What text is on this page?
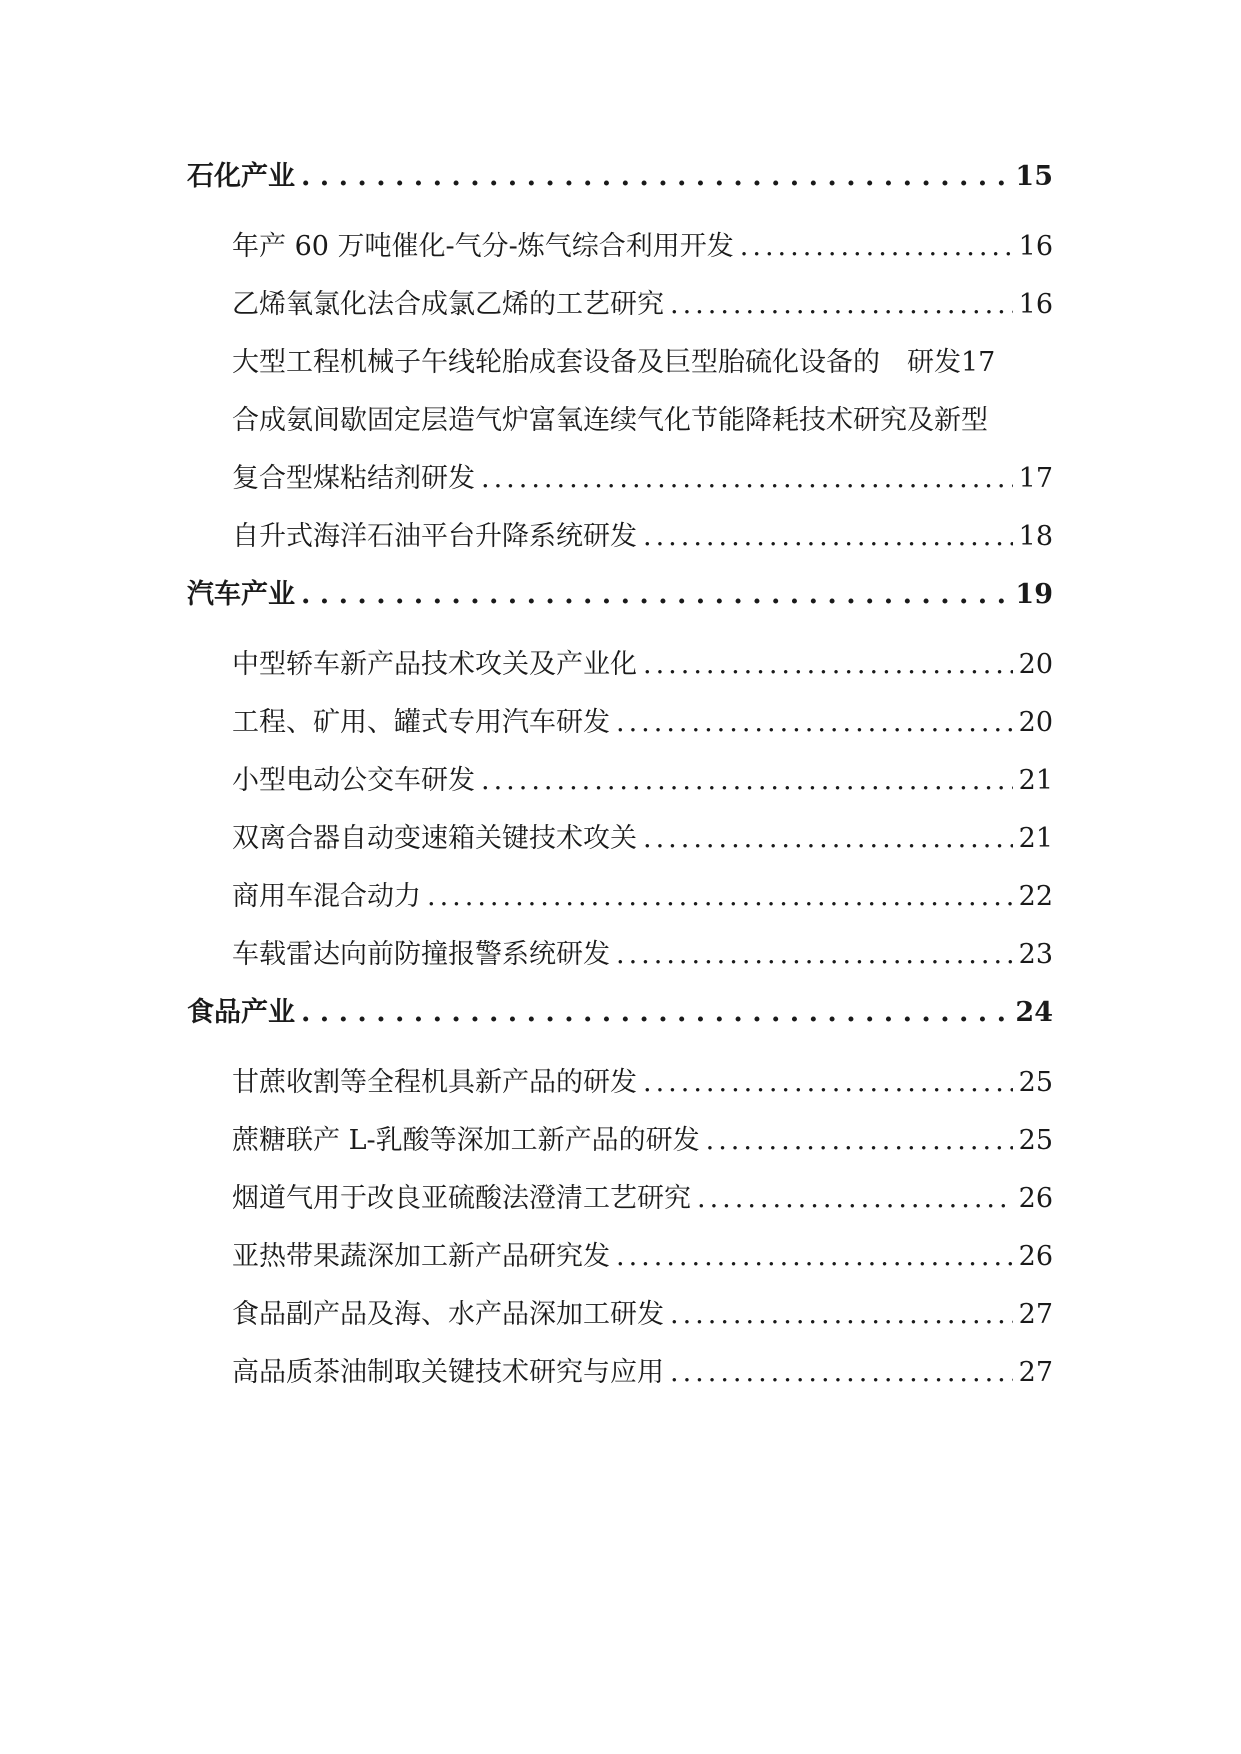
石化产业 . . .	15
年产 60 万吨催化-气分-炼气综合利用开发 .....	16
乙烯氧氯化法合成氯乙烯的工艺研究 .....	16
大型工程机械子午线轮胎成套设备及巨型胎硫化设备的　研发 17
合成氨间歇固定层造气炉富氧连续气化节能降耗技术研究及新型
复合型煤粘结剂研发 .....	17
自升式海洋石油平台升降系统研发 .....	18
汽车产业 . . .	19
中型轿车新产品技术攻关及产业化 .....	20
工程、矿用、罐式专用汽车研发 .....	20
小型电动公交车研发 .....	21
双离合器自动变速箱关键技术攻关 .....	21
商用车混合动力 .....	22
车载雷达向前防撞报警系统研发 .....	23
食品产业 . . .	24
甘蔗收割等全程机具新产品的研发 .....	25
蔗糖联产 L-乳酸等深加工新产品的研发 .....	25
烟道气用于改良亚硫酸法澄清工艺研究 .....	26
亚热带果蔬深加工新产品研究发 .....	26
食品副产品及海、水产品深加工研发 .....	27
高品质茶油制取关键技术研究与应用 .....	27
